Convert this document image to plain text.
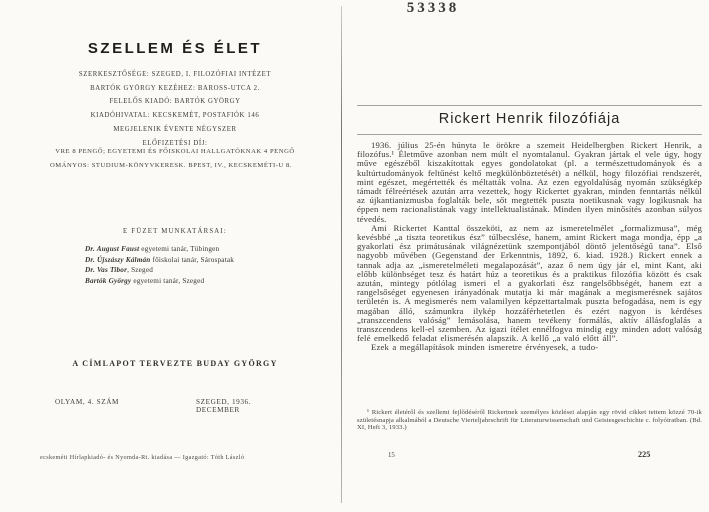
53338
SZELLEM ÉS ÉLET
SZERKESZTŐSÉGE: SZEGED, I. FILOZÓFIAI INTÉZET
BARTÓK GYÖRGY KEZÉHEZ: BAROSS-UTCA 2.
FELELŐS KIADÓ: BARTÓK GYÖRGY
KIADÓHIVATAL: KECSKEMÉT, POSTAFIÓK 146
MEGJELENIK ÉVENTE NÉGYSZER
ELŐFIZETÉSI DÍJ:
VRE 8 PENGŐ; EGYETEMI ÉS FŐISKOLAI HALLGATÓKNAK 4 PENGŐ
OMÁNYOS: STUDIUM-KÖNYVKERESK. BPEST, IV., KECSKEMÉTI-U 8.
E FÜZET MUNKATÁRSAI:
Dr. August Faust egyetemi tanár, Tübingen
Dr. Újszászy Kálmán főiskolai tanár, Sárospatak
Dr. Vas Tibor, Szeged
Bartók György egyetemi tanár, Szeged
A CÍMLAPOT TERVEZTE BUDAY GYÖRGY
OLYAM, 4. SZÁM	SZEGED, 1936. DECEMBER
ecskeméti Hírlapkiadó- és Nyomda-Rt. kiadása — Igazgató: Tóth László
Rickert Henrik filozófiája

1936. július 25-én húnyta le örökre a szemeit Heidelbergben Rickert Henrik, a filozófus.¹ Életműve azonban nem múlt el nyomtalanul. Gyakran jártak el vele úgy, hogy műve egészéből kiszakítottak egyes gondolatokat (pl. a természettudományok és a kultúrtudományok feltűnést keltő megkülönböztetését) a nélkül, hogy filozófiai rendszerét, mint egészet, megértették és méltatták volna. Az ezen egyoldalúság nyomán szükségkép támadt félreértések azután arra vezettek, hogy Rickertet gyakran, minden fenntartás nélkül az újkantianizmusba foglalták bele, sőt megtették puszta noetikusnak vagy logikusnak ha éppen nem racionalistának vagy intellektualistának. Minden ilyen minősítés azonban súlyos tévedés.

Ami Rickertet Kanttal összeköti, az nem az ismeretelmélet „formalizmusa”, még kevésbbé „a tiszta teoretikus ész” túlbecslése, hanem, amint Rickert maga mondja, épp „a gyakorlati ész primátusának világnézetünk szempontjából döntő jelentőségű tana”. Első nagyobb művében (Gegenstand der Erkenntnis, 1892, 6. kiad. 1928.) Rickert ennek a tannak adja az „ismeretelméleti megalapozását”, azaz ő nem úgy jár el, mint Kant, aki előbb különbséget tesz és határt húz a teoretikus és a praktikus filozófia között és csak azután, mintegy pótlólag ismeri el a gyakorlati ész rangelsőbbségét, hanem ezt a rangelsőséget egyenesen irányadónak mutatja ki már magának a megismerésnek sajátos területén is. A megismerés nem valamilyen képzettartalmak puszta befogadása, nem is egy magában álló, számunkra ilykép hozzáférhetetlen és ezért nagyon is kérdéses „transzcendens valóság” lemásolása, hanem tevékeny formálás, aktív állásfoglalás a transzcendens kell-el szemben. Az igazi ítélet ennélfogva mindig egy minden adott valóság felé emelkedő feladat elismerésén alapszik. A kellő „a való előtt áll”.

Ezek a megállapítások minden ismeretre érvényesek, a tudo-

¹ Rickert életéről és szellemi fejlődéséről Rickertnek személyes közlései alapján egy rövid cikket tettem közzé 70-ik születésnapja alkalmából a Deutsche Vierteljahrschrift für Literaturwissenschaft und Geistesgeschichte c. folyóiratban. (Bd. XI, Heft 3, 1933.)
15	225
